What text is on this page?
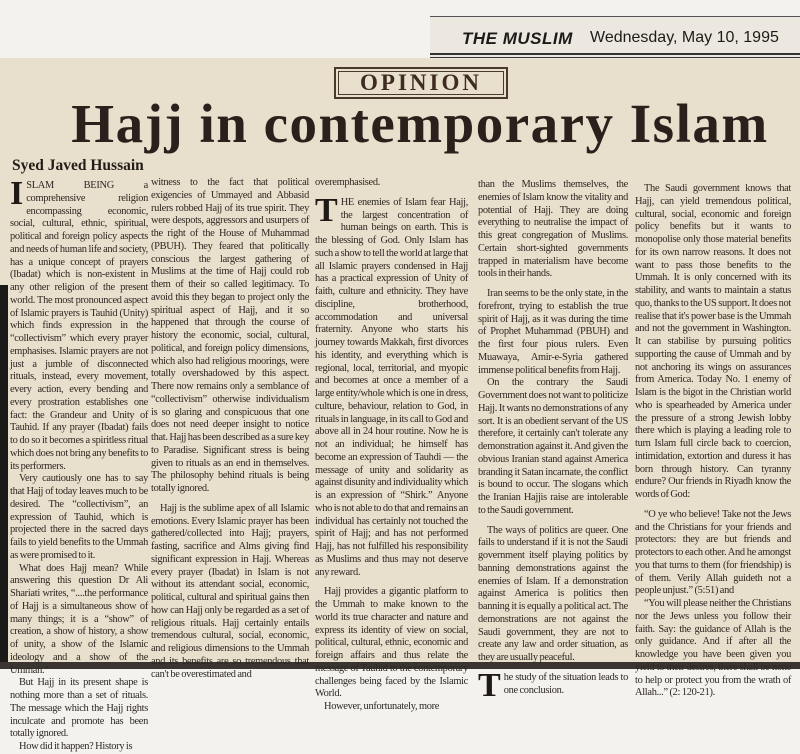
THE MUSLIM Wednesday, May 10, 1995
OPINION
Hajj in contemporary Islam
Syed Javed Hussain

ISLAM BEING a comprehensive religion encompassing economic, social, cultural, ethnic, spiritual, political and foreign policy aspects and needs of human life and society, has a unique concept of prayers (Ibadat) which is non-existent in any other religion of the present world. The most pronounced aspect of Islamic prayers is Tauhid (Unity) which finds expression in the “collectivism” which every prayer emphasises. Islamic prayers are not just a jumble of disconnected rituals, instead, every movement, every action, every bending and every prostration establishes one fact: the Grandeur and Unity of Tauhid. If any prayer (Ibadat) fails to do so it becomes a spiritless ritual which does not bring any benefits to its performers.

Very cautiously one has to say that Hajj of today leaves much to be desired. The “collectivism”, an expression of Tauhid, which is projected there in the sacred days fails to yield benefits to the Ummah as were promised to it.

What does Hajj mean? While answering this question Dr Ali Shariati writes, “....the performance of Hajj is a simultaneous show of many things; it is a “show” of creation, a show of history, a show of unity, a show of the Islamic ideology and a show of the Ummah.”

But Hajj in its present shape is nothing more than a set of rituals. The message which the Hajj rights inculcate and promote has been totally ignored.

How did it happen? History is

witness to the fact that political exigencies of Ummayed and Abbasid rulers robbed Hajj of its true spirit. They were despots, aggressors and usurpers of the right of the House of Muhammad (PBUH). They feared that politically conscious the largest gathering of Muslims at the time of Hajj could rob them of their so called legitimacy. To avoid this they began to project only the spiritual aspect of Hajj, and it so happened that through the course of history the economic, social, cultural, political, and foreign policy dimensions, which also had religious moorings, were totally overshadowed by this aspect. There now remains only a semblance of “collectivism” otherwise individualism is so glaring and conspicuous that one does not need deeper insight to notice that. Hajj has been described as a sure key to Paradise. Significant stress is being given to rituals as an end in themselves. The philosophy behind rituals is being totally ignored.

Hajj is the sublime apex of all Islamic emotions. Every Islamic prayer has been gathered/collected into Hajj; prayers, fasting, sacrifice and Alms giving find significant expression in Hajj. Whereas every prayer (Ibadat) in Islam is not without its attendant social, economic, political, cultural and spiritual gains then how can Hajj only be regarded as a set of religious rituals. Hajj certainly entails tremendous cultural, social, economic, and religious dimensions to the Ummah and its benefits are so tremendous that can't be overestimated and

overemphasised.

THE enemies of Islam fear Hajj, the largest concentration of human beings on earth. This is the blessing of God. Only Islam has such a show to tell the world at large that all Islamic prayers condensed in Hajj has a practical expression of Unity of faith, culture and ethnicity. They have discipline, brotherhood, accommodation and universal fraternity. Anyone who starts his journey towards Makkah, first divorces his identity, and everything which is regional, local, territorial, and myopic and becomes at once a member of a large entity/whole which is one in dress, culture, behaviour, relation to God, in rituals in language, in its call to God and above all in 24 hour routine. Now he is not an individual; he himself has become an expression of Tauhdi — the message of unity and solidarity as against disunity and individuality which is an expression of “Shirk.” Anyone who is not able to do that and remains an individual has certainly not touched the spirit of Hajj; and has not performed Hajj, has not fulfilled his responsibility as Muslims and thus may not deserve any reward.

Hajj provides a gigantic platform to the Ummah to make known to the world its true character and nature and express its identity of view on social, political, cultural, ethnic, economic and foreign affairs and thus relate the message of Tauhid to the contemporary challenges being faced by the Islamic World.

However, unfortunately, more

than the Muslims themselves, the enemies of Islam know the vitality and potential of Hajj. They are doing everything to neutralise the impact of this great congregation of Muslims. Certain short-sighted governments trapped in materialism have become tools in their hands.

Iran seems to be the only state, in the forefront, trying to establish the true spirit of Hajj, as it was during the time of Prophet Muhammad (PBUH) and the first four pious rulers. Even Muawaya, Amir-e-Syria gathered immense political benefits from Hajj.

On the contrary the Saudi Government does not want to politicize Hajj. It wants no demonstrations of any sort. It is an obedient servant of the US therefore, it certainly can't tolerate any demonstration against it. And given the obvious Iranian stand against America branding it Satan incarnate, the conflict is bound to occur. The slogans which the Iranian Hajjis raise are intolerable to the Saudi government.

The ways of politics are queer. One fails to understand if it is not the Saudi government itself playing politics by banning demonstrations against the enemies of Islam. If a demonstration against America is politics then banning it is equally a political act. The demonstrations are not against the Saudi government, they are not to create any law and order situation, as they are usually peaceful.

The study of the situation leads to one conclusion.

The Saudi government knows that Hajj, can yield tremendous political, cultural, social, economic and foreign policy benefits but it wants to monopolise only those material benefits for its own narrow reasons. It does not want to pass those benefits to the Ummah. It is only concerned with its stability, and wants to maintain a status quo, thanks to the US support. It does not realise that it's power base is the Ummah and not the government in Washington. It can stabilise by pursuing politics supporting the cause of Ummah and by not anchoring its wings on assurances from America. Today No. 1 enemy of Islam is the bigot in the Christian world who is spearheaded by America under the pressure of a strong Jewish lobby there which is playing a leading role to turn Islam full circle back to coercion, intimidation, extortion and duress it has born through history. Can tyranny endure? Our friends in Riyadh know the words of God:

“O ye who believe! Take not the Jews and the Christians for your friends and protectors: they are but friends and protectors to each other. And he amongst you that turns to them (for friendship) is of them. Verily Allah guideth not a people unjust.” (5:51) and

“You will please neither the Christians nor the Jews unless you follow their faith. Say: the guidance of Allah is the only guidance. And if after all the knowledge you have been given you yield to their desires, there shall be none to help or protect you from the wrath of Allah...” (2: 120-21).
